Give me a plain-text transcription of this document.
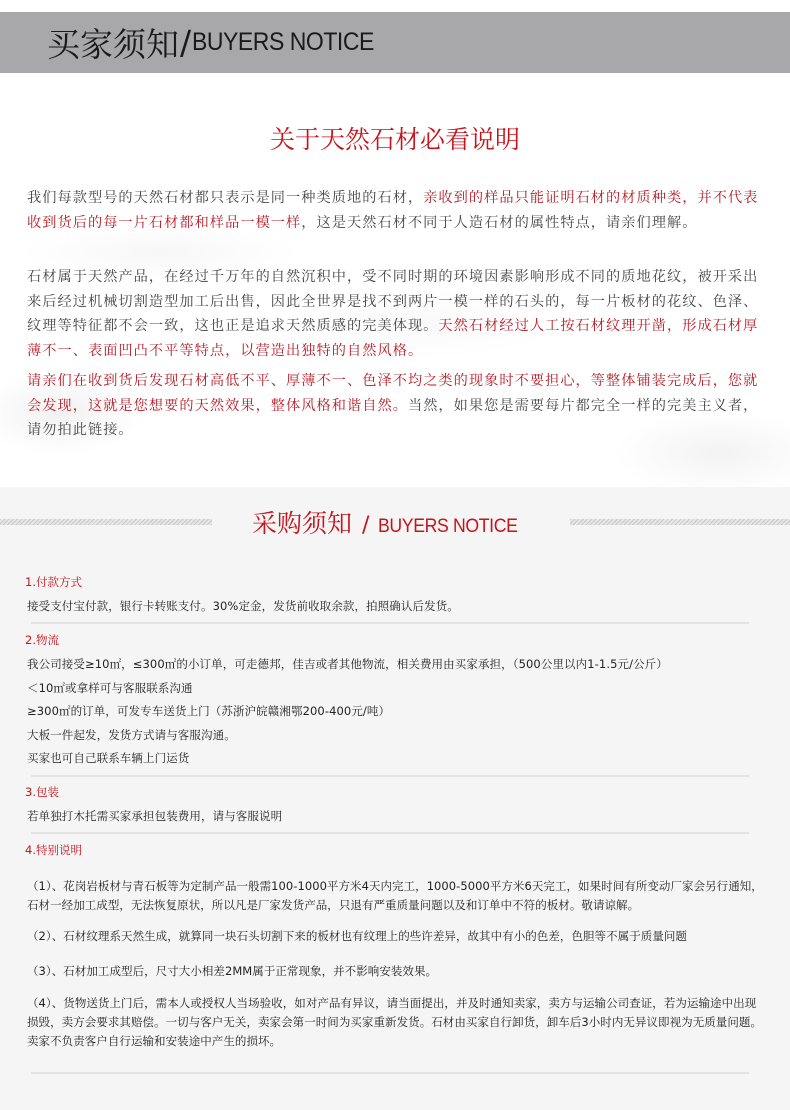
买家须知 / BUYERS NOTICE
关于天然石材必看说明

我们每款型号的天然石材都只表示是同一种类质地的石材，亲收到的样品只能证明石材的材质种类，并不代表收到货后的每一片石材都和样品一模一样，这是天然石材不同于人造石材的属性特点，请亲们理解。

石材属于天然产品，在经过千万年的自然沉积中，受不同时期的环境因素影响形成不同的质地花纹，被开采出来后经过机械切割造型加工后出售，因此全世界是找不到两片一模一样的石头的，每一片板材的花纹、色泽、纹理等特征都不会一致，这也正是追求天然质感的完美体现。天然石材经过人工按石材纹理开凿，形成石材厚薄不一、表面凹凸不平等特点，以营造出独特的自然风格。

请亲们在收到货后发现石材高低不平、厚薄不一、色泽不均之类的现象时不要担心，等整体铺装完成后，您就会发现，这就是您想要的天然效果，整体风格和谐自然。当然，如果您是需要每片都完全一样的完美主义者，请勿拍此链接。

采购须知 / BUYERS NOTICE
1.付款方式
接受支付宝付款，银行卡转账支付。30%定金，发货前收取余款，拍照确认后发货。
2.物流
我公司接受≥10㎡，≤300㎡的小订单，可走德邦，佳吉或者其他物流，相关费用由买家承担，（500公里以内1-1.5元/公斤）
＜10㎡或拿样可与客服联系沟通
≥300㎡的订单，可发专车送货上门（苏浙沪皖赣湘鄂200-400元/吨）
大板一件起发，发货方式请与客服沟通。
买家也可自己联系车辆上门运货
3.包装
若单独打木托需买家承担包装费用，请与客服说明
4.特别说明
（1）、花岗岩板材与青石板等为定制产品一般需100-1000平方米4天内完工，1000-5000平方米6天完工，如果时间有所变动厂家会另行通知，石材一经加工成型，无法恢复原状，所以凡是厂家发货产品，只退有严重质量问题以及和订单中不符的板材。敬请谅解。
（2）、石材纹理系天然生成，就算同一块石头切割下来的板材也有纹理上的些许差异，故其中有小的色差，色胆等不属于质量问题
（3）、石材加工成型后，尺寸大小相差2MM属于正常现象，并不影响安装效果。
（4）、货物送货上门后，需本人或授权人当场验收，如对产品有异议，请当面提出，并及时通知卖家，卖方与运输公司查证，若为运输途中出现损毁，卖方会要求其赔偿。一切与客户无关，卖家会第一时间为买家重新发货。石材由买家自行卸货，卸车后3小时内无异议即视为无质量问题。卖家不负责客户自行运输和安装途中产生的损坏。
